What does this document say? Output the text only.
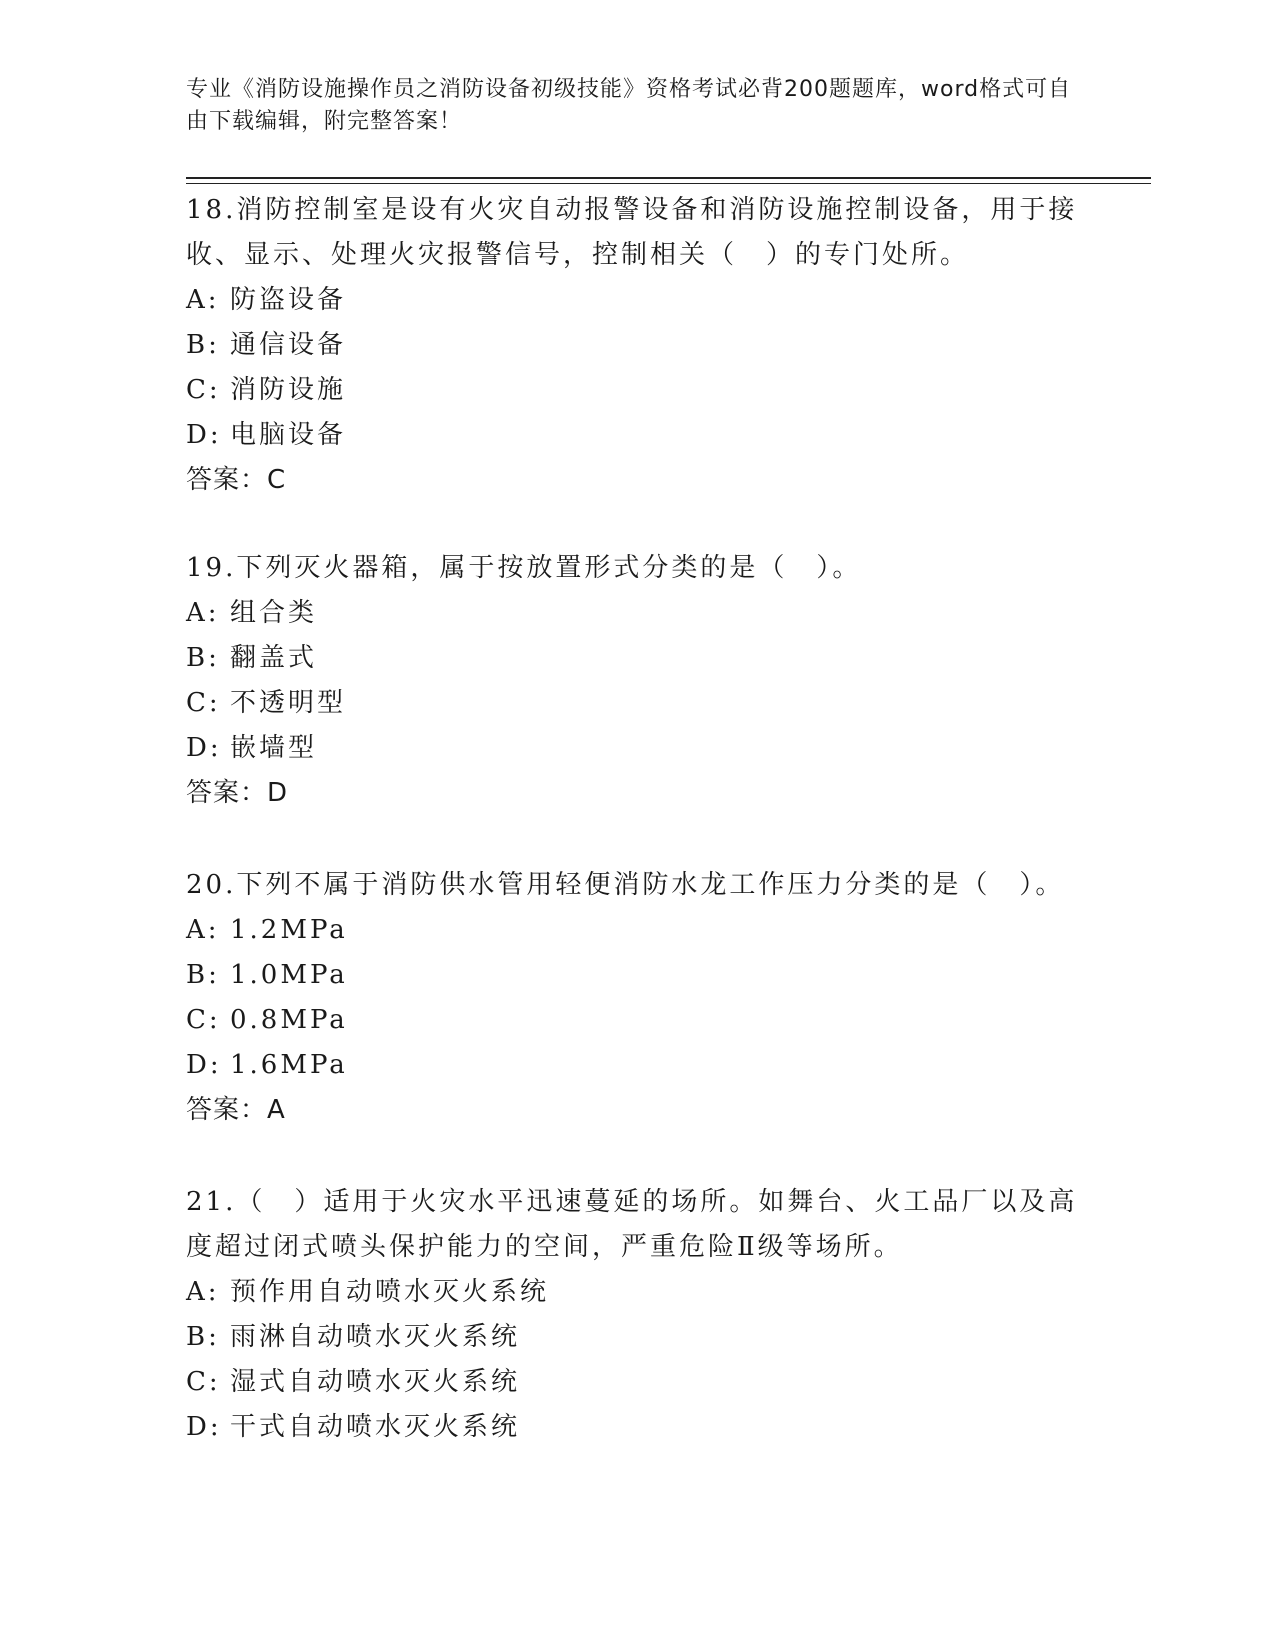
专业《消防设施操作员之消防设备初级技能》资格考试必背200题题库，word格式可自由下载编辑，附完整答案！

18.消防控制室是设有火灾自动报警设备和消防设施控制设备，用于接收、显示、处理火灾报警信号，控制相关（　）的专门处所。

A: 防盗设备
B: 通信设备
C: 消防设施
D: 电脑设备
答案：C

19.下列灭火器箱，属于按放置形式分类的是（　）。

A: 组合类
B: 翻盖式
C: 不透明型
D: 嵌墙型
答案：D

20.下列不属于消防供水管用轻便消防水龙工作压力分类的是（　）。

A: 1.2MPa
B: 1.0MPa
C: 0.8MPa
D: 1.6MPa
答案：A

21.（　）适用于火灾水平迅速蔓延的场所。如舞台、火工品厂以及高度超过闭式喷头保护能力的空间，严重危险Ⅱ级等场所。

A: 预作用自动喷水灭火系统
B: 雨淋自动喷水灭火系统
C: 湿式自动喷水灭火系统
D: 干式自动喷水灭火系统
